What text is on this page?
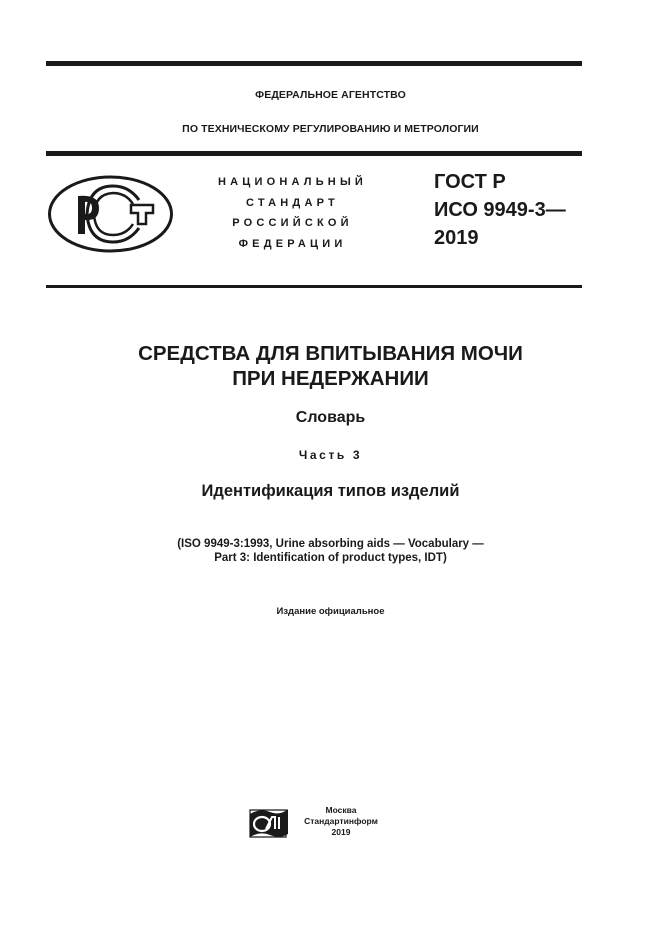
ФЕДЕРАЛЬНОЕ АГЕНТСТВО
ПО ТЕХНИЧЕСКОМУ РЕГУЛИРОВАНИЮ И МЕТРОЛОГИИ
НАЦИОНАЛЬНЫЙ
СТАНДАРТ
РОССИЙСКОЙ
ФЕДЕРАЦИИ
ГОСТ Р
ИСО 9949-3—
2019
СРЕДСТВА ДЛЯ ВПИТЫВАНИЯ МОЧИ
ПРИ НЕДЕРЖАНИИ
Словарь
Часть 3
Идентификация типов изделий
(ISO 9949-3:1993, Urine absorbing aids — Vocabulary —
Part 3: Identification of product types, IDT)
Издание официальное
Москва
Стандартинформ
2019
